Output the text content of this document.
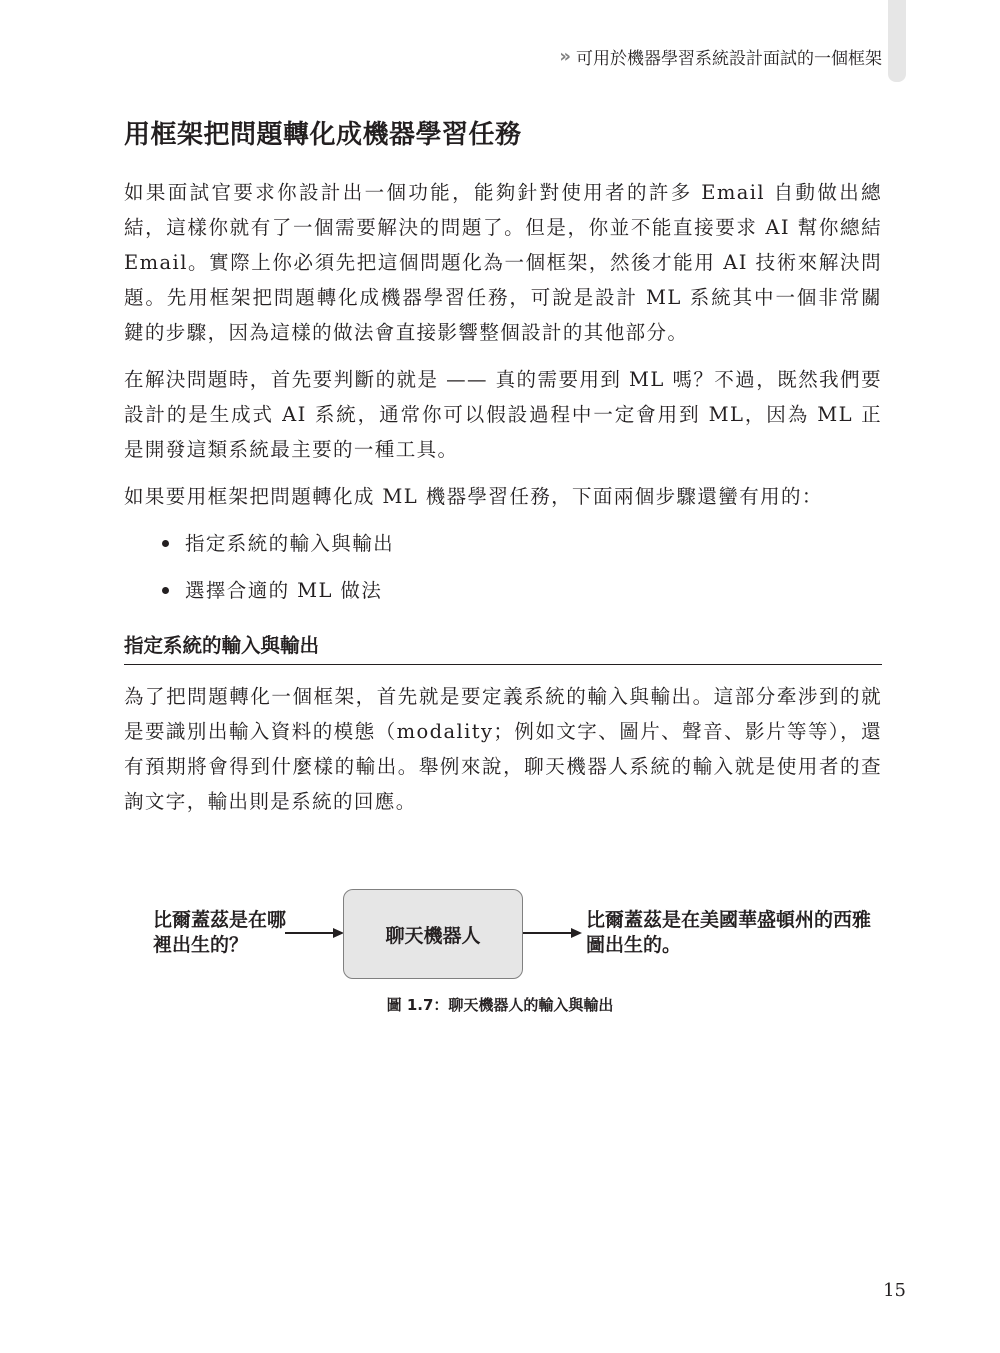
» 可用於機器學習系統設計面試的一個框架
用框架把問題轉化成機器學習任務

如果面試官要求你設計出一個功能，能夠針對使用者的許多 Email 自動做出總結，這樣你就有了一個需要解決的問題了。但是，你並不能直接要求 AI 幫你總結 Email。實際上你必須先把這個問題化為一個框架，然後才能用 AI 技術來解決問題。先用框架把問題轉化成機器學習任務，可說是設計 ML 系統其中一個非常關鍵的步驟，因為這樣的做法會直接影響整個設計的其他部分。

在解決問題時，首先要判斷的就是 —— 真的需要用到 ML 嗎？不過，既然我們要設計的是生成式 AI 系統，通常你可以假設過程中一定會用到 ML，因為 ML 正是開發這類系統最主要的一種工具。

如果要用框架把問題轉化成 ML 機器學習任務，下面兩個步驟還蠻有用的：

指定系統的輸入與輸出
選擇合適的 ML 做法
指定系統的輸入與輸出

為了把問題轉化一個框架，首先就是要定義系統的輸入與輸出。這部分牽涉到的就是要識別出輸入資料的模態（modality；例如文字、圖片、聲音、影片等等），還有預期將會得到什麼樣的輸出。舉例來說，聊天機器人系統的輸入就是使用者的查詢文字，輸出則是系統的回應。

比爾蓋茲是在哪裡出生的？	聊天機器人
比爾蓋茲是在美國華盛頓州的西雅圖出生的。
圖 1.7：聊天機器人的輸入與輸出
15
